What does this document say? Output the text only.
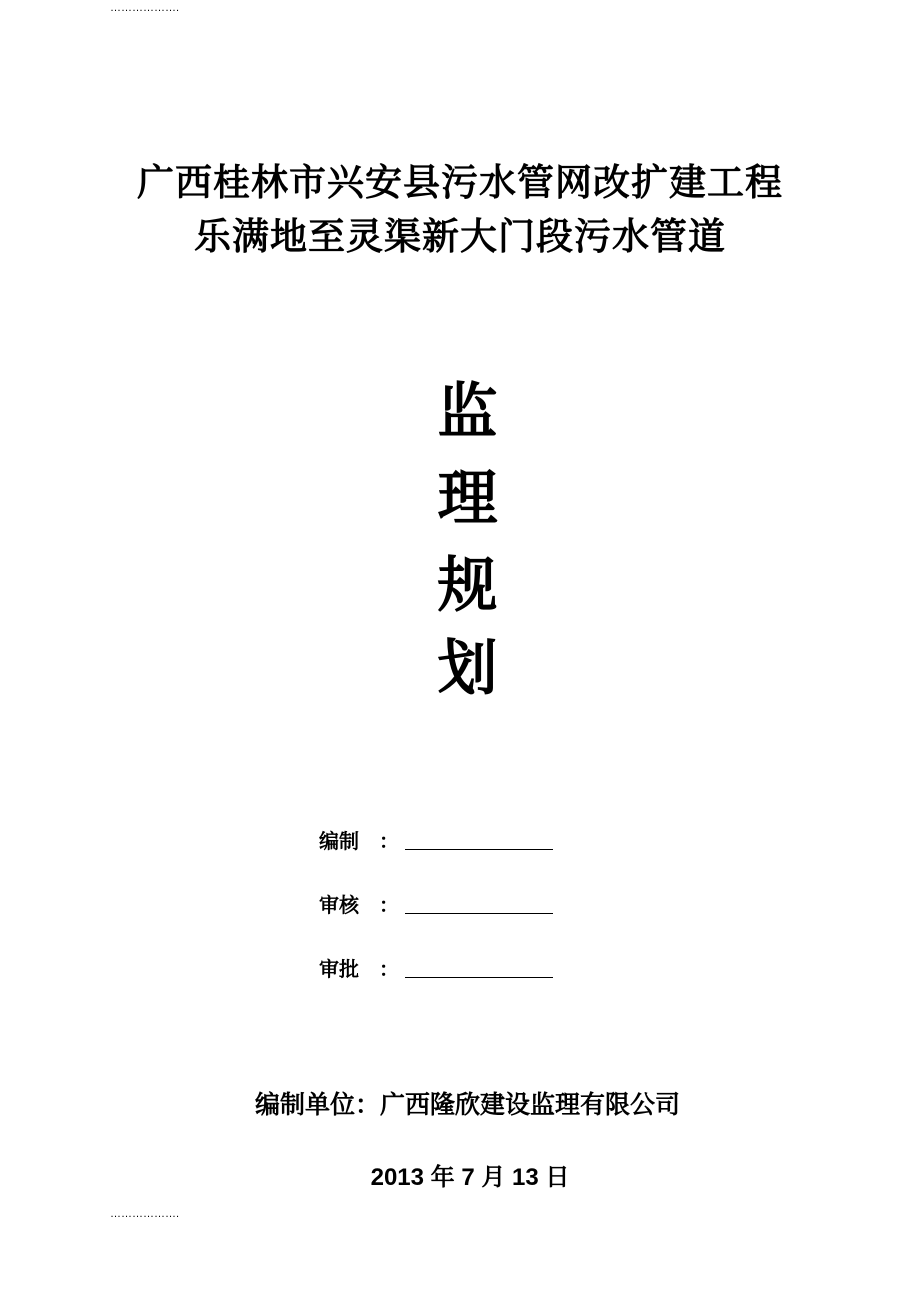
……………….
广西桂林市兴安县污水管网改扩建工程
乐满地至灵渠新大门段污水管道
监
理
规
划
编制 ：
审核 ：
审批 ：
编制单位：广西隆欣建设监理有限公司
2013 年 7 月 13 日
……………….
